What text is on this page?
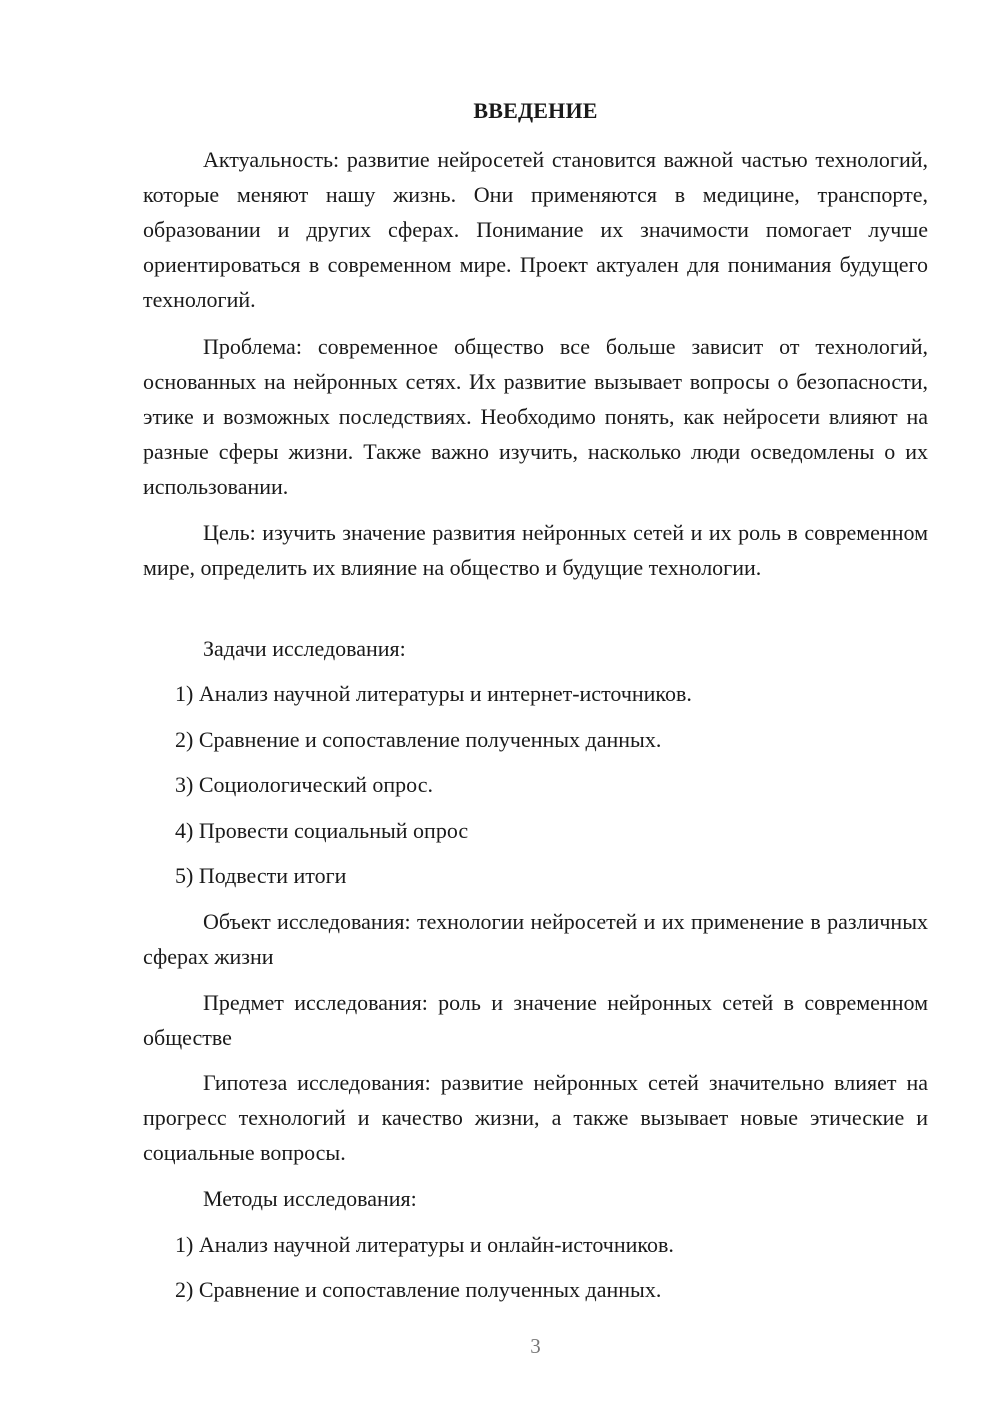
ВВЕДЕНИЕ

Актуальность: развитие нейросетей становится важной частью технологий, которые меняют нашу жизнь. Они применяются в медицине, транспорте, образовании и других сферах. Понимание их значимости помогает лучше ориентироваться в современном мире. Проект актуален для понимания будущего технологий.

Проблема: современное общество все больше зависит от технологий, основанных на нейронных сетях. Их развитие вызывает вопросы о безопасности, этике и возможных последствиях. Необходимо понять, как нейросети влияют на разные сферы жизни. Также важно изучить, насколько люди осведомлены о их использовании.

Цель: изучить значение развития нейронных сетей и их роль в современном мире, определить их влияние на общество и будущие технологии.

Задачи исследования:

1) Анализ научной литературы и интернет-источников.

2) Сравнение и сопоставление полученных данных.

3) Социологический опрос.

4) Провести социальный опрос

5) Подвести итоги

Объект исследования: технологии нейросетей и их применение в различных сферах жизни

Предмет исследования: роль и значение нейронных сетей в современном обществе

Гипотеза исследования: развитие нейронных сетей значительно влияет на прогресс технологий и качество жизни, а также вызывает новые этические и социальные вопросы.

Методы исследования:

1) Анализ научной литературы и онлайн-источников.

2) Сравнение и сопоставление полученных данных.

3
